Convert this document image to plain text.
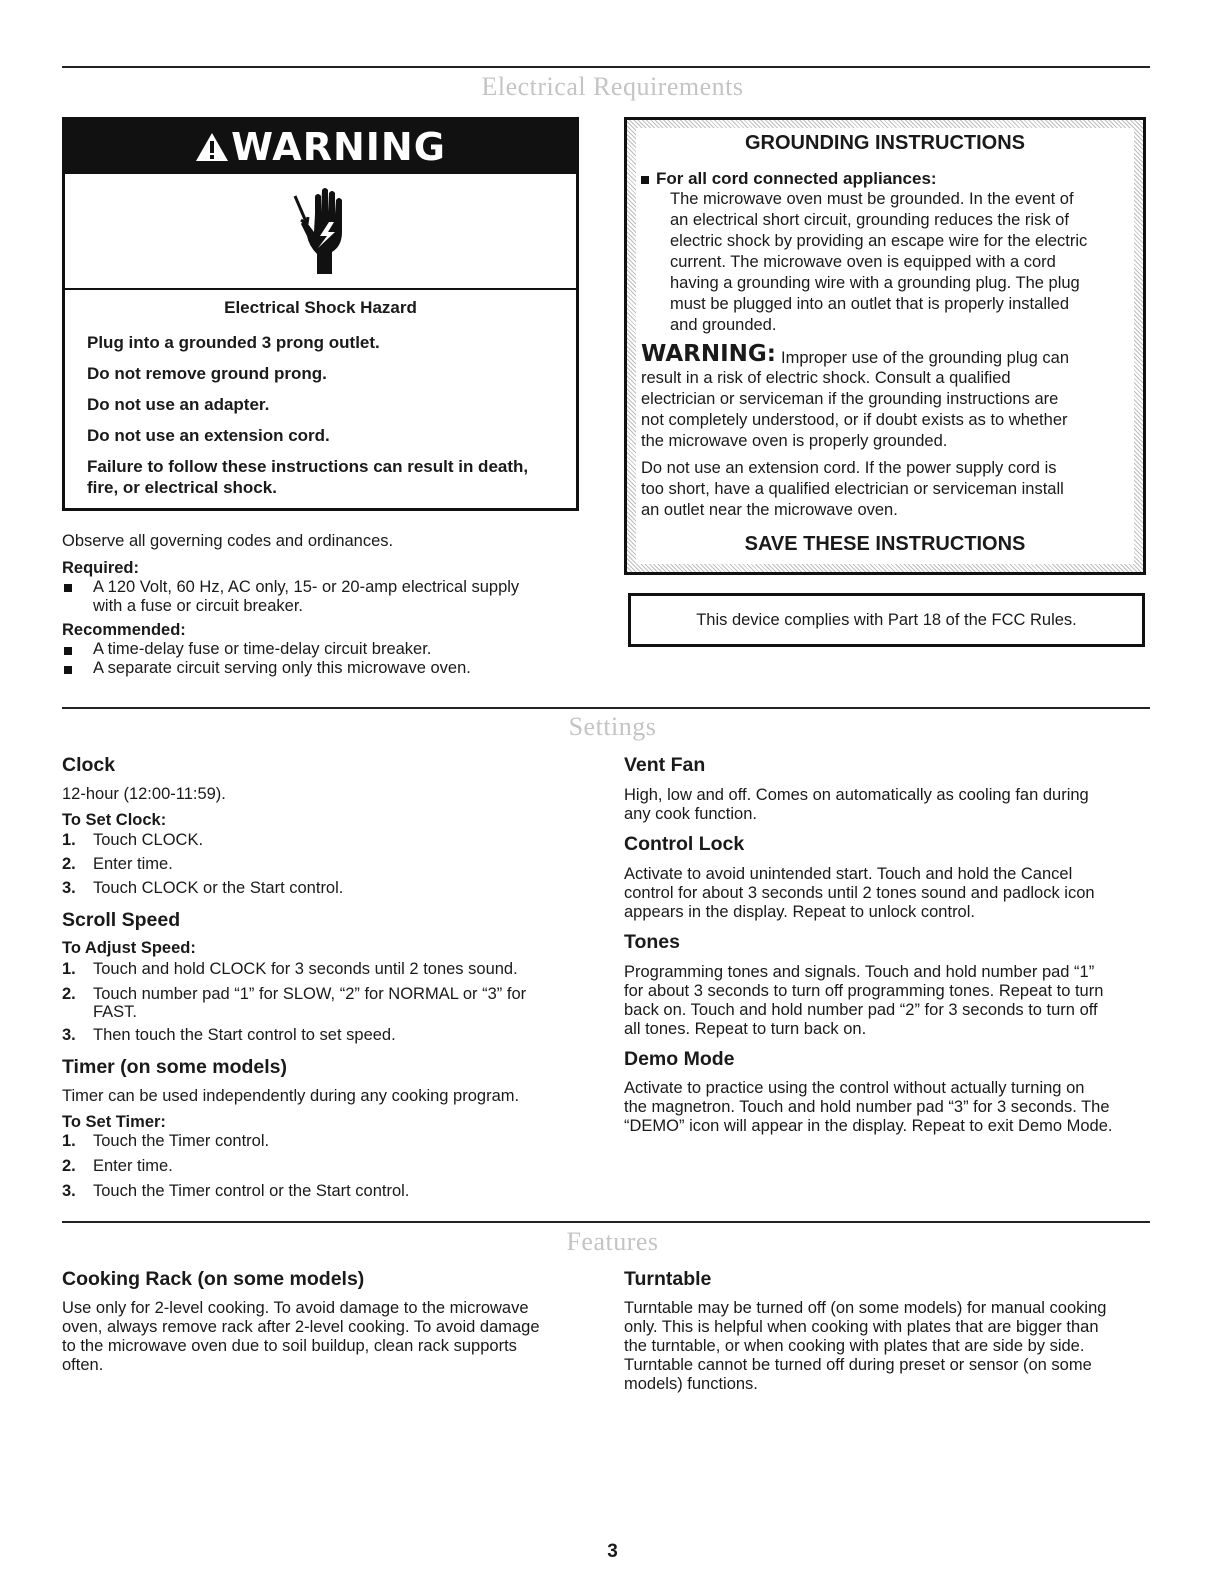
Electrical Requirements
WARNING
Electrical Shock Hazard
Plug into a grounded 3 prong outlet.
Do not remove ground prong.
Do not use an adapter.
Do not use an extension cord.
Failure to follow these instructions can result in death,
fire, or electrical shock.
Observe all governing codes and ordinances.
Required:
A 120 Volt, 60 Hz, AC only, 15- or 20-amp electrical supply
with a fuse or circuit breaker.
Recommended:
A time-delay fuse or time-delay circuit breaker.
A separate circuit serving only this microwave oven.
GROUNDING INSTRUCTIONS
For all cord connected appliances:
The microwave oven must be grounded. In the event of
an electrical short circuit, grounding reduces the risk of
electric shock by providing an escape wire for the electric
current. The microwave oven is equipped with a cord
having a grounding wire with a grounding plug. The plug
must be plugged into an outlet that is properly installed
and grounded.
WARNING: Improper use of the grounding plug can
result in a risk of electric shock. Consult a qualified
electrician or serviceman if the grounding instructions are
not completely understood, or if doubt exists as to whether
the microwave oven is properly grounded.
Do not use an extension cord. If the power supply cord is
too short, have a qualified electrician or serviceman install
an outlet near the microwave oven.
SAVE THESE INSTRUCTIONS
This device complies with Part 18 of the FCC Rules.
Settings
Clock
12-hour (12:00-11:59).
To Set Clock:
1. Touch CLOCK.
2. Enter time.
3. Touch CLOCK or the Start control.
Scroll Speed
To Adjust Speed:
1. Touch and hold CLOCK for 3 seconds until 2 tones sound.
2. Touch number pad “1” for SLOW, “2” for NORMAL or “3” for
FAST.
3. Then touch the Start control to set speed.
Timer (on some models)
Timer can be used independently during any cooking program.
To Set Timer:
1. Touch the Timer control.
2. Enter time.
3. Touch the Timer control or the Start control.
Vent Fan
High, low and off. Comes on automatically as cooling fan during
any cook function.
Control Lock
Activate to avoid unintended start. Touch and hold the Cancel
control for about 3 seconds until 2 tones sound and padlock icon
appears in the display. Repeat to unlock control.
Tones
Programming tones and signals. Touch and hold number pad “1”
for about 3 seconds to turn off programming tones. Repeat to turn
back on. Touch and hold number pad “2” for 3 seconds to turn off
all tones. Repeat to turn back on.
Demo Mode
Activate to practice using the control without actually turning on
the magnetron. Touch and hold number pad “3” for 3 seconds. The
“DEMO” icon will appear in the display. Repeat to exit Demo Mode.
Features
Cooking Rack (on some models)
Use only for 2-level cooking. To avoid damage to the microwave
oven, always remove rack after 2-level cooking. To avoid damage
to the microwave oven due to soil buildup, clean rack supports
often.
Turntable
Turntable may be turned off (on some models) for manual cooking
only. This is helpful when cooking with plates that are bigger than
the turntable, or when cooking with plates that are side by side.
Turntable cannot be turned off during preset or sensor (on some
models) functions.
3
